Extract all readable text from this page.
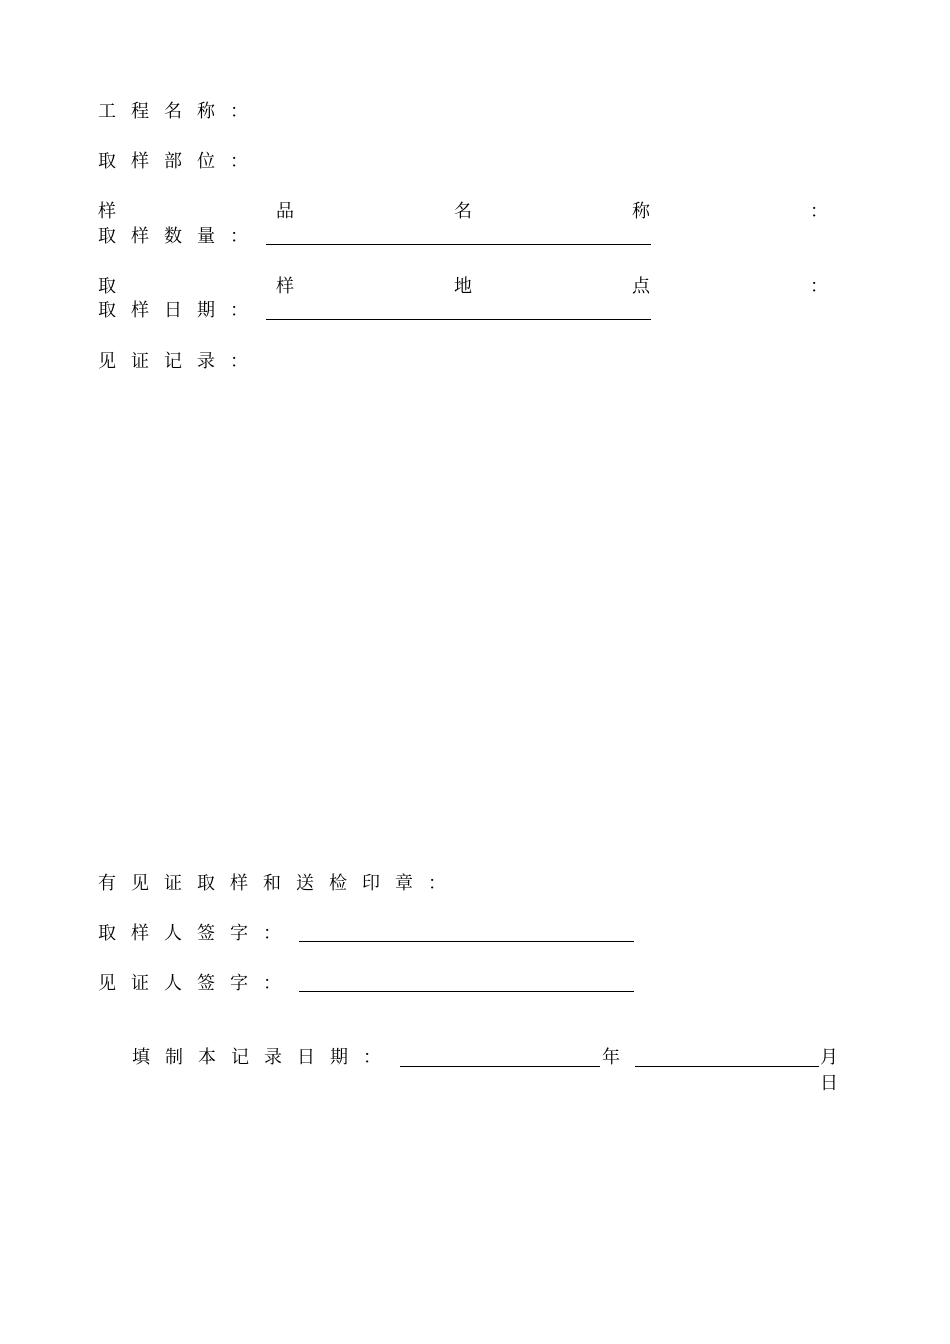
工程名称：
取样部位：
样	品	名	称	：
取样数量：
取	样	地	点	：
取样日期：
见证记录：
有见证取样和送检印章：
取样人签字：
见证人签字：
填制本记录日期：	年	月
日
